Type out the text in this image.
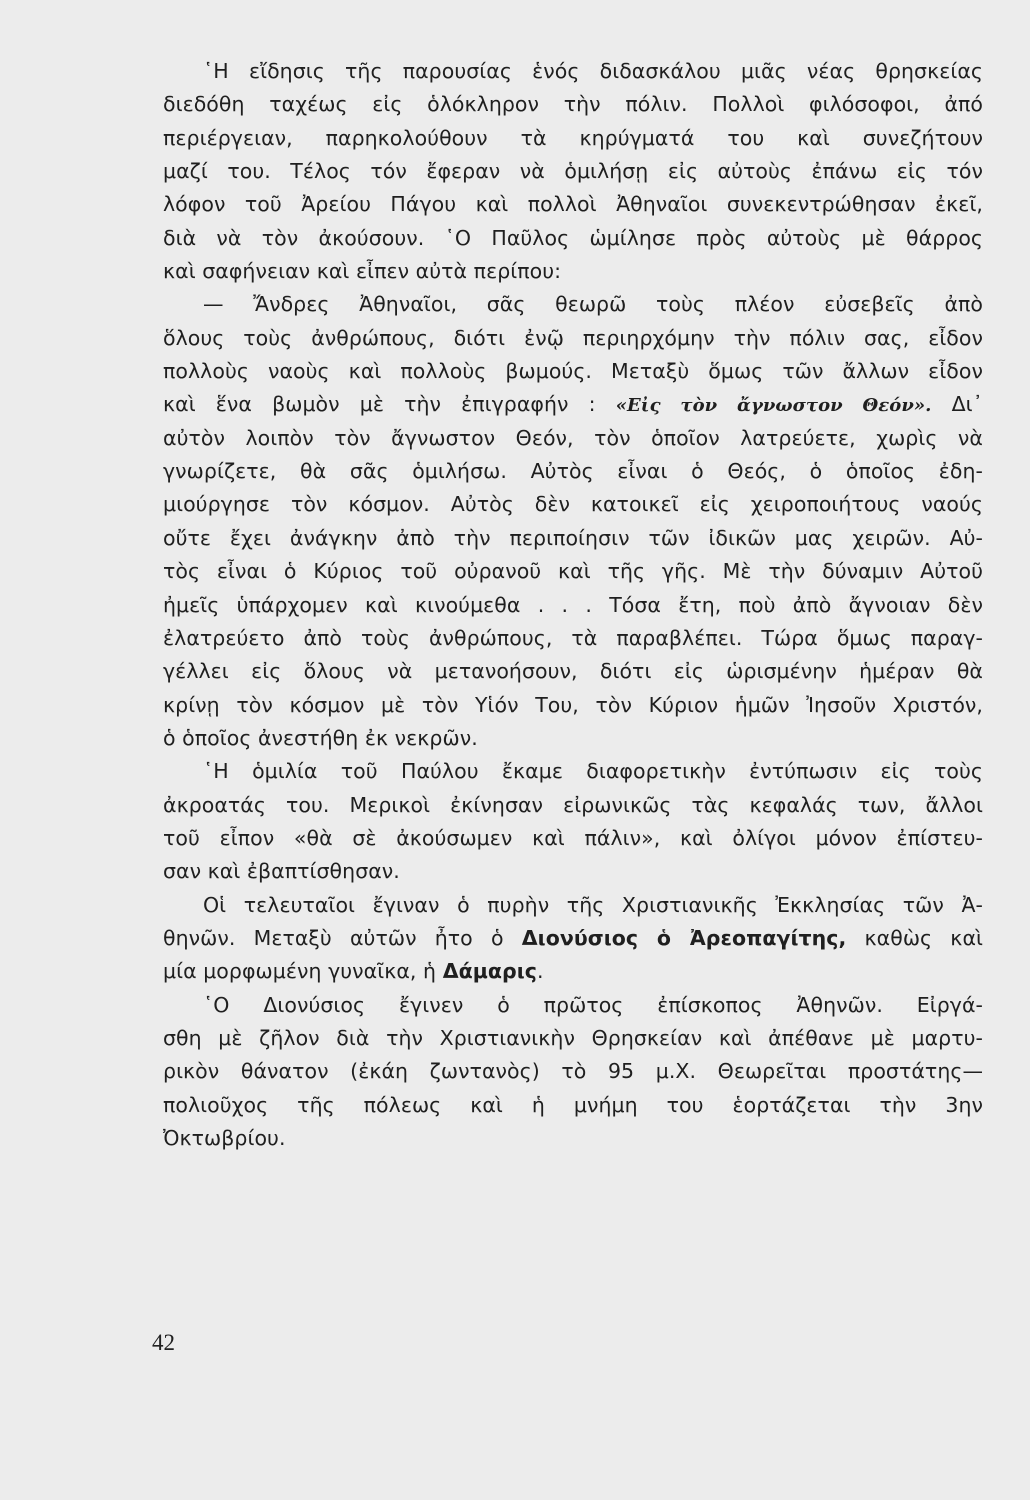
῾Η εἴδησις τῆς παρουσίας ἑνός διδασκάλου μιᾶς νέας θρησκείας
διεδόθη ταχέως εἰς ὁλόκληρον τὴν πόλιν. Πολλοὶ φιλόσοφοι, ἀπό
περιέργειαν, παρηκολούθουν τὰ κηρύγματά του καὶ συνεζήτουν
μαζί του. Τέλος τόν ἔφεραν νὰ ὁμιλήσῃ εἰς αὐτοὺς ἐπάνω εἰς τόν
λόφον τοῦ Ἀρείου Πάγου καὶ πολλοὶ Ἀθηναῖοι συνεκεντρώθησαν ἐκεῖ,
διὰ νὰ τὸν ἀκούσουν. ῾Ο Παῦλος ὡμίλησε πρὸς αὐτοὺς μὲ θάρρος
καὶ σαφήνειαν καὶ εἶπεν αὐτὰ περίπου:
— Ἄνδρες Ἀθηναῖοι, σᾶς θεωρῶ τοὺς πλέον εὐσεβεῖς ἀπὸ
ὅλους τοὺς ἀνθρώπους, διότι ἐνῷ περιηρχόμην τὴν πόλιν σας, εἶδον
πολλοὺς ναοὺς καὶ πολλοὺς βωμούς. Μεταξὺ ὅμως τῶν ἄλλων εἶδον
καὶ ἕνα βωμὸν μὲ τὴν ἐπιγραφήν : «Εἰς τὸν ἄγνωστον Θεόν». Δι᾿
αὐτὸν λοιπὸν τὸν ἄγνωστον Θεόν, τὸν ὁποῖον λατρεύετε, χωρὶς νὰ
γνωρίζετε, θὰ σᾶς ὁμιλήσω. Αὐτὸς εἶναι ὁ Θεός, ὁ ὁποῖος ἐδη-
μιούργησε τὸν κόσμον. Αὐτὸς δὲν κατοικεῖ εἰς χειροποιήτους ναούς
οὔτε ἔχει ἀνάγκην ἀπὸ τὴν περιποίησιν τῶν ἰδικῶν μας χειρῶν. Αὐ-
τὸς εἶναι ὁ Κύριος τοῦ οὐρανοῦ καὶ τῆς γῆς. Μὲ τὴν δύναμιν Αὐτοῦ
ἠμεῖς ὑπάρχομεν καὶ κινούμεθα . . . Τόσα ἔτη, ποὺ ἀπὸ ἄγνοιαν δὲν
ἐλατρεύετο ἀπὸ τοὺς ἀνθρώπους, τὰ παραβλέπει. Τώρα ὅμως παραγ-
γέλλει εἰς ὅλους νὰ μετανοήσουν, διότι εἰς ὡρισμένην ἡμέραν θὰ
κρίνῃ τὸν κόσμον μὲ τὸν Υἱόν Του, τὸν Κύριον ἡμῶν Ἰησοῦν Χριστόν,
ὁ ὁποῖος ἀνεστήθη ἐκ νεκρῶν.
῾Η ὁμιλία τοῦ Παύλου ἔκαμε διαφορετικὴν ἐντύπωσιν εἰς τοὺς
ἀκροατάς του. Μερικοὶ ἐκίνησαν εἰρωνικῶς τὰς κεφαλάς των, ἄλλοι
τοῦ εἶπον «θὰ σὲ ἀκούσωμεν καὶ πάλιν», καὶ ὀλίγοι μόνον ἐπίστευ-
σαν καὶ ἐβαπτίσθησαν.
Οἱ τελευταῖοι ἔγιναν ὁ πυρὴν τῆς Χριστιανικῆς Ἐκκλησίας τῶν Ἀ-
θηνῶν. Μεταξὺ αὐτῶν ἦτο ὁ Διονύσιος ὁ Ἀρεοπαγίτης, καθὼς καὶ
μία μορφωμένη γυναῖκα, ἡ Δάμαρις.
῾Ο Διονύσιος ἔγινεν ὁ πρῶτος ἐπίσκοπος Ἀθηνῶν. Εἰργά-
σθη μὲ ζῆλον διὰ τὴν Χριστιανικὴν Θρησκείαν καὶ ἀπέθανε μὲ μαρτυ-
ρικὸν θάνατον (ἐκάη ζωντανὸς) τὸ 95 μ.Χ. Θεωρεῖται προστάτης—
πολιοῦχος τῆς πόλεως καὶ ἡ μνήμη του ἑορτάζεται τὴν 3ην
Ὀκτωβρίου.
42
